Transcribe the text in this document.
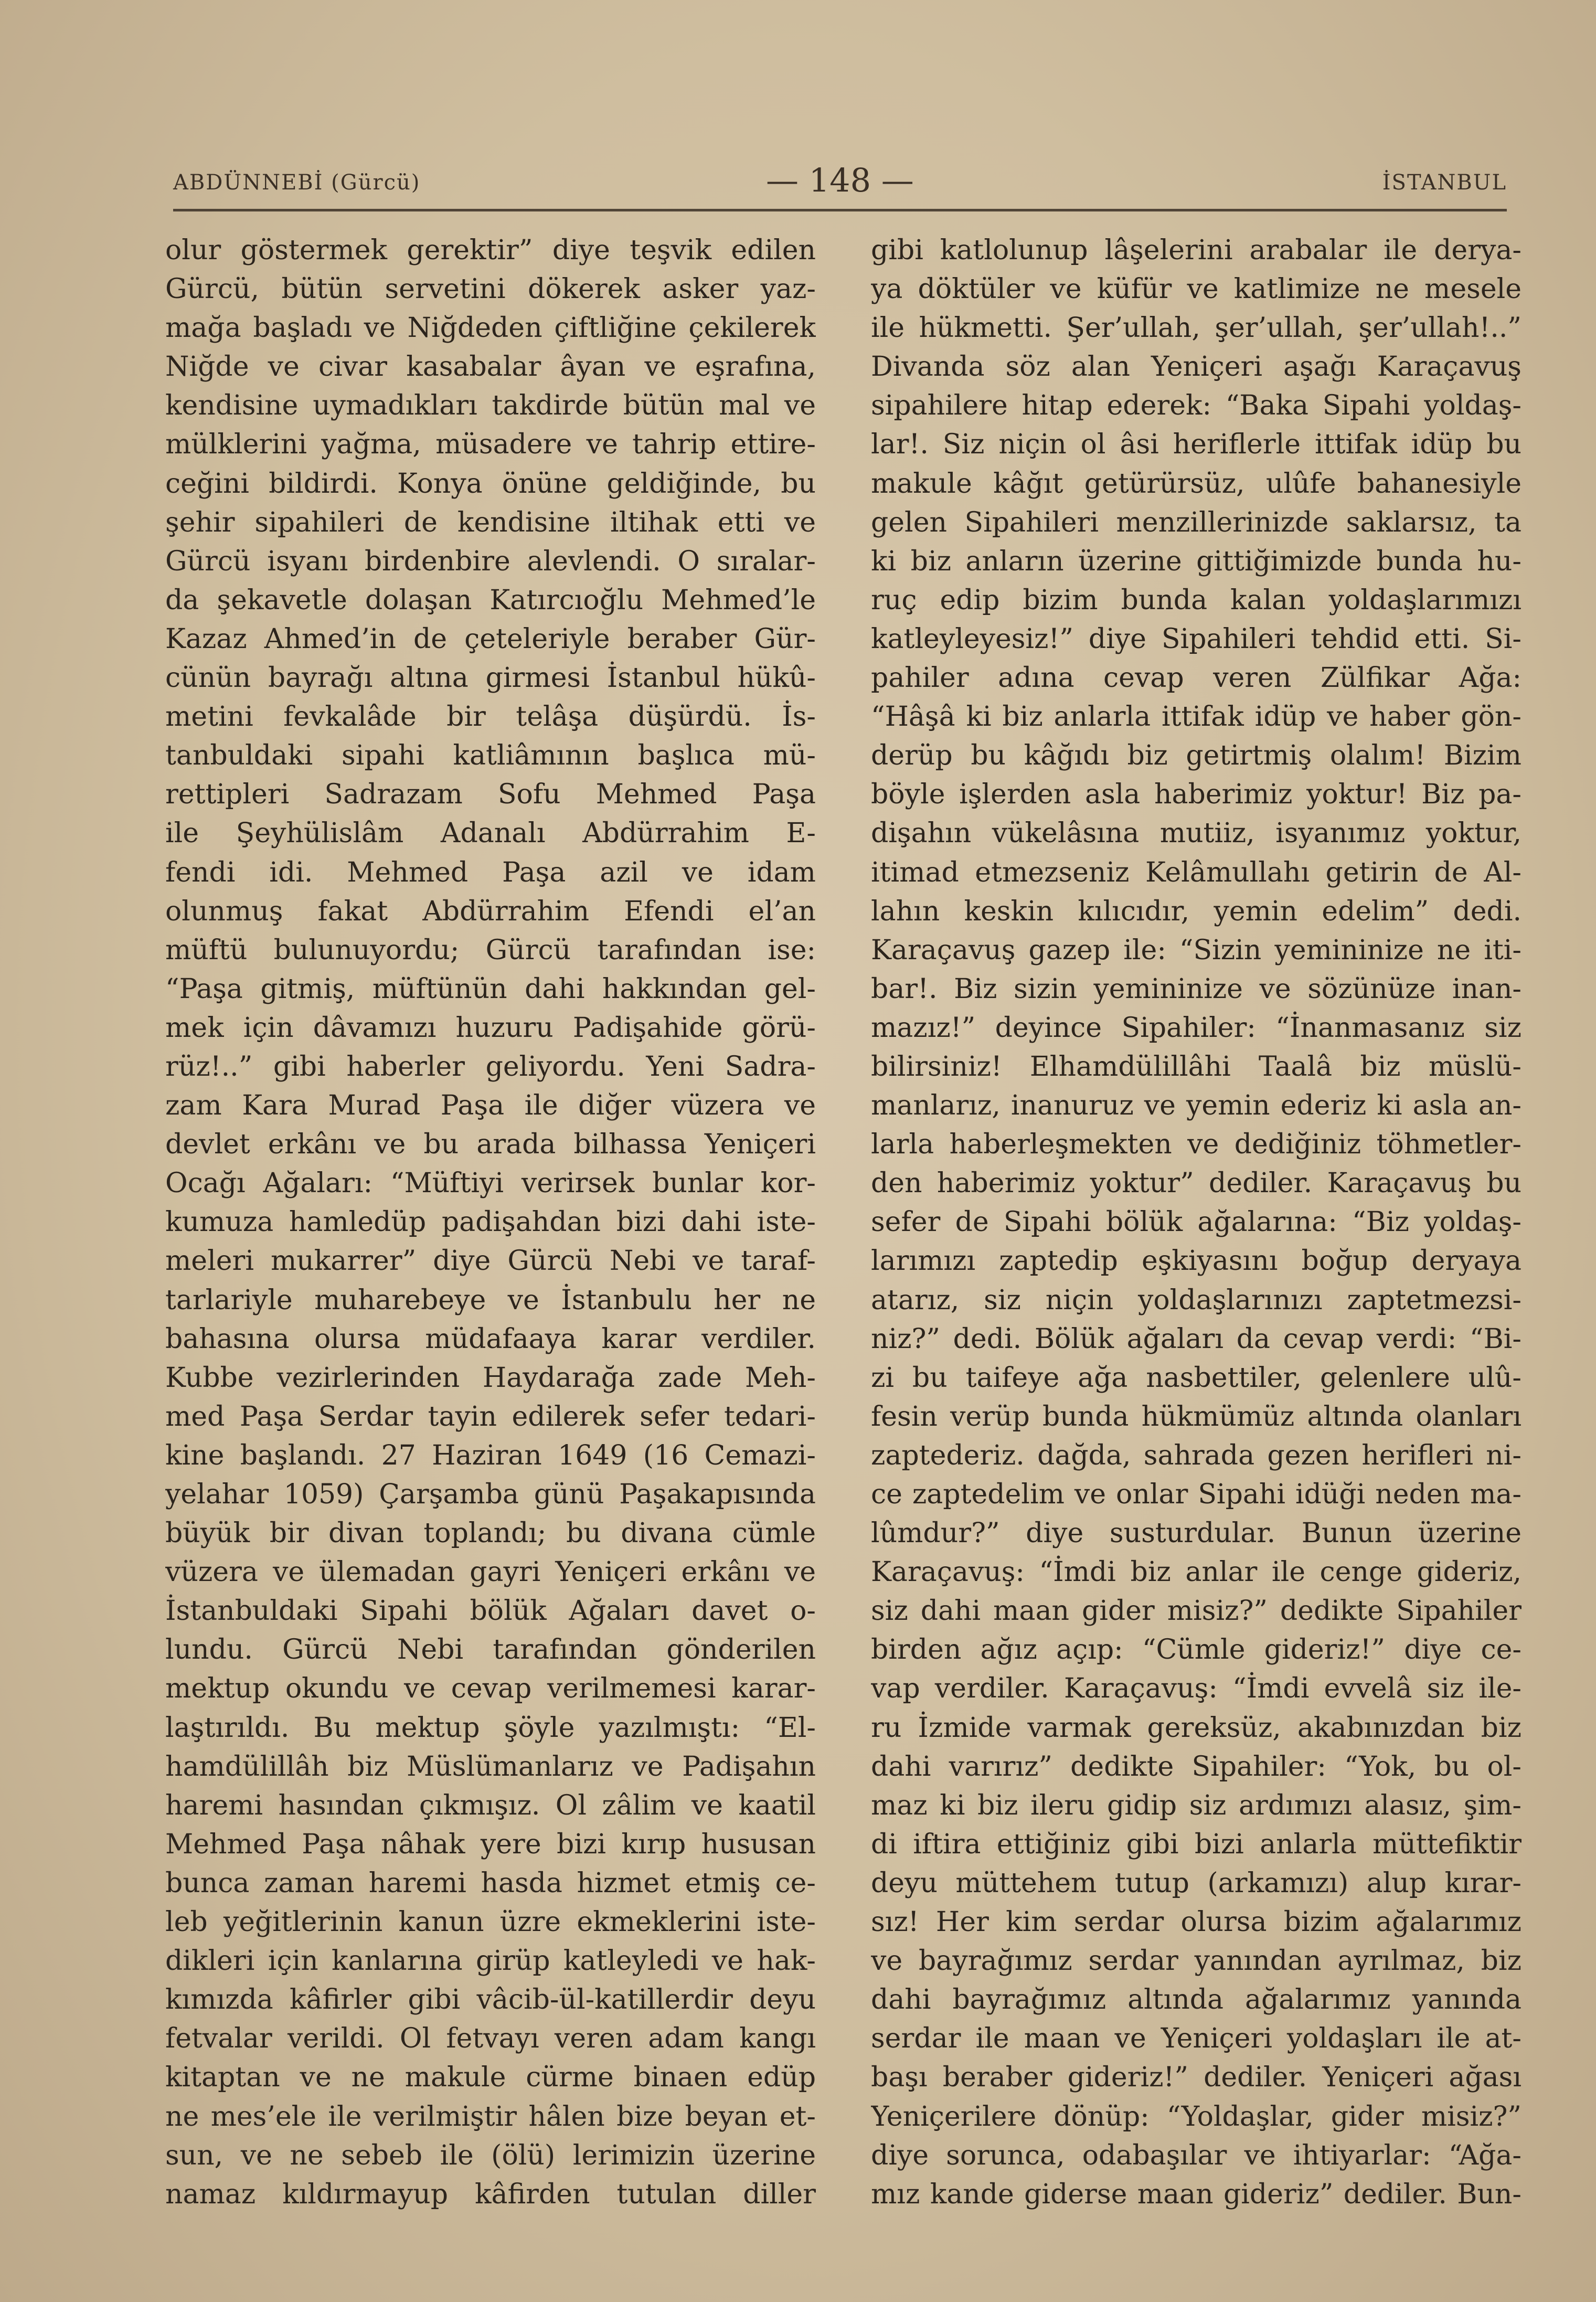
ABDÜNNEBİ (Gürcü)	— 148 —	İSTANBUL
olur göstermek gerektir” diye teşvik edilen
Gürcü, bütün servetini dökerek asker yaz-
mağa başladı ve Niğdeden çiftliğine çekilerek
Niğde ve civar kasabalar âyan ve eşrafına,
kendisine uymadıkları takdirde bütün mal ve
mülklerini yağma, müsadere ve tahrip ettire-
ceğini bildirdi. Konya önüne geldiğinde, bu
şehir sipahileri de kendisine iltihak etti ve
Gürcü isyanı birdenbire alevlendi. O sıralar-
da şekavetle dolaşan Katırcıoğlu Mehmed’le
Kazaz Ahmed’in de çeteleriyle beraber Gür-
cünün bayrağı altına girmesi İstanbul hükû-
metini fevkalâde bir telâşa düşürdü. İs-
tanbuldaki sipahi katliâmının başlıca mü-
rettipleri Sadrazam Sofu Mehmed Paşa
ile Şeyhülislâm Adanalı Abdürrahim E-
fendi idi. Mehmed Paşa azil ve idam
olunmuş fakat Abdürrahim Efendi el’an
müftü bulunuyordu; Gürcü tarafından ise:
“Paşa gitmiş, müftünün dahi hakkından gel-
mek için dâvamızı huzuru Padişahide görü-
rüz!..” gibi haberler geliyordu. Yeni Sadra-
zam Kara Murad Paşa ile diğer vüzera ve
devlet erkânı ve bu arada bilhassa Yeniçeri
Ocağı Ağaları: “Müftiyi verirsek bunlar kor-
kumuza hamledüp padişahdan bizi dahi iste-
meleri mukarrer” diye Gürcü Nebi ve taraf-
tarlariyle muharebeye ve İstanbulu her ne
bahasına olursa müdafaaya karar verdiler.
Kubbe vezirlerinden Haydarağa zade Meh-
med Paşa Serdar tayin edilerek sefer tedari-
kine başlandı. 27 Haziran 1649 (16 Cemazi-
yelahar 1059) Çarşamba günü Paşakapısında
büyük bir divan toplandı; bu divana cümle
vüzera ve ülemadan gayri Yeniçeri erkânı ve
İstanbuldaki Sipahi bölük Ağaları davet o-
lundu. Gürcü Nebi tarafından gönderilen
mektup okundu ve cevap verilmemesi karar-
laştırıldı. Bu mektup şöyle yazılmıştı: “El-
hamdülillâh biz Müslümanlarız ve Padişahın
haremi hasından çıkmışız. Ol zâlim ve kaatil
Mehmed Paşa nâhak yere bizi kırıp hususan
bunca zaman haremi hasda hizmet etmiş ce-
leb yeğitlerinin kanun üzre ekmeklerini iste-
dikleri için kanlarına girüp katleyledi ve hak-
kımızda kâfirler gibi vâcib-ül-katillerdir deyu
fetvalar verildi. Ol fetvayı veren adam kangı
kitaptan ve ne makule cürme binaen edüp
ne mes’ele ile verilmiştir hâlen bize beyan et-
sun, ve ne sebeb ile (ölü) lerimizin üzerine
namaz kıldırmayup kâfirden tutulan diller
gibi katlolunup lâşelerini arabalar ile derya-
ya döktüler ve küfür ve katlimize ne mesele
ile hükmetti. Şer’ullah, şer’ullah, şer’ullah!..”
Divanda söz alan Yeniçeri aşağı Karaçavuş
sipahilere hitap ederek: “Baka Sipahi yoldaş-
lar!. Siz niçin ol âsi heriflerle ittifak idüp bu
makule kâğıt getürürsüz, ulûfe bahanesiyle
gelen Sipahileri menzillerinizde saklarsız, ta
ki biz anların üzerine gittiğimizde bunda hu-
ruç edip bizim bunda kalan yoldaşlarımızı
katleyleyesiz!” diye Sipahileri tehdid etti. Si-
pahiler adına cevap veren Zülfikar Ağa:
“Hâşâ ki biz anlarla ittifak idüp ve haber gön-
derüp bu kâğıdı biz getirtmiş olalım! Bizim
böyle işlerden asla haberimiz yoktur! Biz pa-
dişahın vükelâsına mutiiz, isyanımız yoktur,
itimad etmezseniz Kelâmullahı getirin de Al-
lahın keskin kılıcıdır, yemin edelim” dedi.
Karaçavuş gazep ile: “Sizin yemininize ne iti-
bar!. Biz sizin yemininize ve sözünüze inan-
mazız!” deyince Sipahiler: “İnanmasanız siz
bilirsiniz! Elhamdülillâhi Taalâ biz müslü-
manlarız, inanuruz ve yemin ederiz ki asla an-
larla haberleşmekten ve dediğiniz töhmetler-
den haberimiz yoktur” dediler. Karaçavuş bu
sefer de Sipahi bölük ağalarına: “Biz yoldaş-
larımızı zaptedip eşkiyasını boğup deryaya
atarız, siz niçin yoldaşlarınızı zaptetmezsi-
niz?” dedi. Bölük ağaları da cevap verdi: “Bi-
zi bu taifeye ağa nasbettiler, gelenlere ulû-
fesin verüp bunda hükmümüz altında olanları
zaptederiz. dağda, sahrada gezen herifleri ni-
ce zaptedelim ve onlar Sipahi idüği neden ma-
lûmdur?” diye susturdular. Bunun üzerine
Karaçavuş: “İmdi biz anlar ile cenge gideriz,
siz dahi maan gider misiz?” dedikte Sipahiler
birden ağız açıp: “Cümle gideriz!” diye ce-
vap verdiler. Karaçavuş: “İmdi evvelâ siz ile-
ru İzmide varmak gereksüz, akabınızdan biz
dahi varırız” dedikte Sipahiler: “Yok, bu ol-
maz ki biz ileru gidip siz ardımızı alasız, şim-
di iftira ettiğiniz gibi bizi anlarla müttefiktir
deyu müttehem tutup (arkamızı) alup kırar-
sız! Her kim serdar olursa bizim ağalarımız
ve bayrağımız serdar yanından ayrılmaz, biz
dahi bayrağımız altında ağalarımız yanında
serdar ile maan ve Yeniçeri yoldaşları ile at-
başı beraber gideriz!” dediler. Yeniçeri ağası
Yeniçerilere dönüp: “Yoldaşlar, gider misiz?”
diye sorunca, odabaşılar ve ihtiyarlar: “Ağa-
mız kande giderse maan gideriz” dediler. Bun-
